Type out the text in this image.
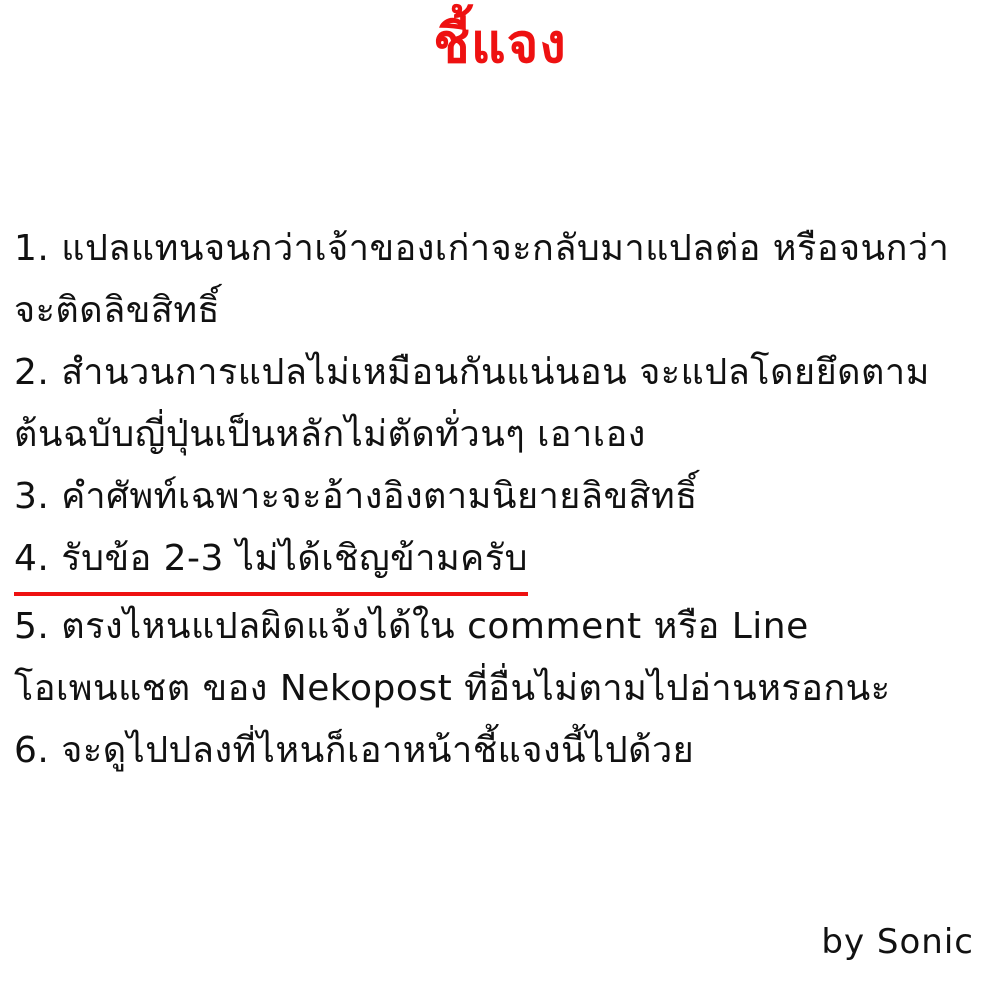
ชี้แจง
1. แปลแทนจนกว่าเจ้าของเก่าจะกลับมาแปลต่อ หรือจนกว่า
จะติดลิขสิทธิ์
2. สำนวนการแปลไม่เหมือนกันแน่นอน จะแปลโดยยึดตาม
ต้นฉบับญี่ปุ่นเป็นหลักไม่ตัดทั่วนๆ เอาเอง
3. คำศัพท์เฉพาะจะอ้างอิงตามนิยายลิขสิทธิ์
4. รับข้อ 2-3 ไม่ได้เชิญข้ามครับ
5. ตรงไหนแปลผิดแจ้งได้ใน comment หรือ Line
โอเพนแชต ของ Nekopost ที่อื่นไม่ตามไปอ่านหรอกนะ
6. จะดูไปปลงที่ไหนก็เอาหน้าชี้แจงนี้ไปด้วย
by Sonic
